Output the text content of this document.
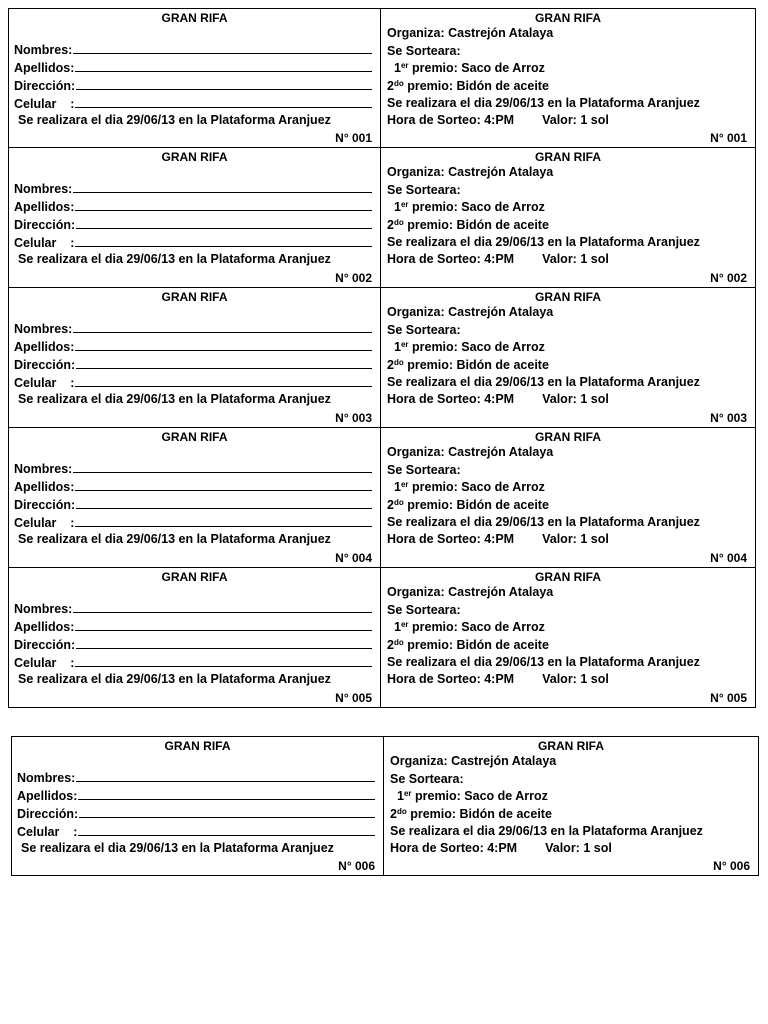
GRAN RIFA
Nombres:
Apellidos:
Dirección:
Celular    :
Se realizara el dia 29/06/13 en la Plataforma Aranjuez
N° 001
GRAN RIFA
Organiza: Castrejón Atalaya
Se Sorteara:
1er premio: Saco de Arroz
$2^{do}$ premio: Bidón de aceite
Se realizara el dia 29/06/13 en la Plataforma Aranjuez
Hora de Sorteo: 4:PM Valor: 1 sol
N° 001
GRAN RIFA
Nombres:
Apellidos:
Dirección:
Celular    :
Se realizara el dia 29/06/13 en la Plataforma Aranjuez
N° 002
GRAN RIFA
Organiza: Castrejón Atalaya
Se Sorteara:
1er premio: Saco de Arroz
$2^{do}$ premio: Bidón de aceite
Se realizara el dia 29/06/13 en la Plataforma Aranjuez
Hora de Sorteo: 4:PM Valor: 1 sol
N° 002
GRAN RIFA
Nombres:
Apellidos:
Dirección:
Celular    :
Se realizara el dia 29/06/13 en la Plataforma Aranjuez
N° 003
GRAN RIFA
Organiza: Castrejón Atalaya
Se Sorteara:
1er premio: Saco de Arroz
$2^{do}$ premio: Bidón de aceite
Se realizara el dia 29/06/13 en la Plataforma Aranjuez
Hora de Sorteo: 4:PM Valor: 1 sol
N° 003
GRAN RIFA
Nombres:
Apellidos:
Dirección:
Celular    :
Se realizara el dia 29/06/13 en la Plataforma Aranjuez
N° 004
GRAN RIFA
Organiza: Castrejón Atalaya
Se Sorteara:
1er premio: Saco de Arroz
$2^{do}$ premio: Bidón de aceite
Se realizara el dia 29/06/13 en la Plataforma Aranjuez
Hora de Sorteo: 4:PM Valor: 1 sol
N° 004
GRAN RIFA
Nombres:
Apellidos:
Dirección:
Celular    :
Se realizara el dia 29/06/13 en la Plataforma Aranjuez
N° 005
GRAN RIFA
Organiza: Castrejón Atalaya
Se Sorteara:
1er premio: Saco de Arroz
$2^{do}$ premio: Bidón de aceite
Se realizara el dia 29/06/13 en la Plataforma Aranjuez
Hora de Sorteo: 4:PM Valor: 1 sol
N° 005
GRAN RIFA
Nombres:
Apellidos:
Dirección:
Celular    :
Se realizara el dia 29/06/13 en la Plataforma Aranjuez
N° 006
GRAN RIFA
Organiza: Castrejón Atalaya
Se Sorteara:
1er premio: Saco de Arroz
$2^{do}$ premio: Bidón de aceite
Se realizara el dia 29/06/13 en la Plataforma Aranjuez
Hora de Sorteo: 4:PM Valor: 1 sol
N° 006
